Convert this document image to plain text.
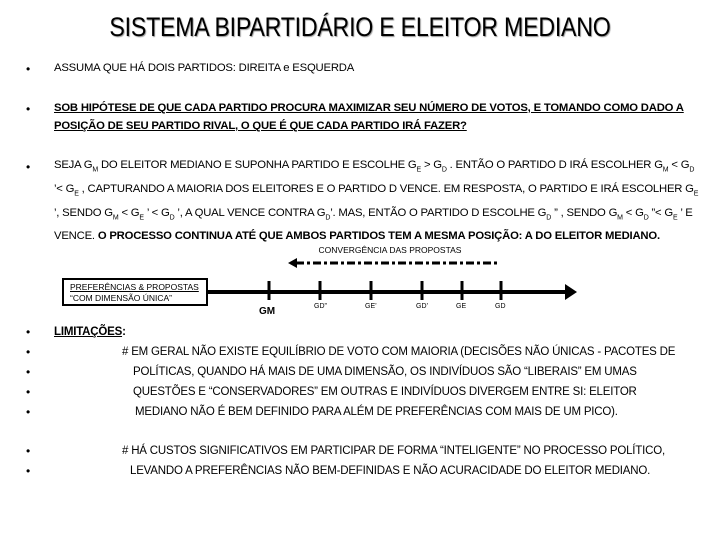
SISTEMA BIPARTIDÁRIO E ELEITOR MEDIANO
• ASSUMA QUE HÁ DOIS PARTIDOS: DIREITA e ESQUERDA
• SOB HIPÓTESE DE QUE CADA PARTIDO PROCURA MAXIMIZAR SEU NÚMERO DE VOTOS, E TOMANDO COMO DADO A POSIÇÃO DE SEU PARTIDO RIVAL, O QUE É QUE CADA PARTIDO IRÁ FAZER?
• SEJA $G_M$ DO ELEITOR MEDIANO E SUPONHA PARTIDO E ESCOLHE $G_E > G_D$ . ENTÃO O PARTIDO D IRÁ ESCOLHER $G_M < G_D$ ’< $G_E$ , CAPTURANDO A MAIORIA DOS ELEITORES E O PARTIDO D VENCE. EM RESPOSTA, O PARTIDO E IRÁ ESCOLHER $G_E$ ’, SENDO $G_M < G_E$ ’ < $G_D$ ’, A QUAL VENCE CONTRA $G_D$’. MAS, ENTÃO O PARTIDO D ESCOLHE $G_D$ ” , SENDO $G_M < G_D$ ”< $G_E$ ’ E VENCE. O PROCESSO CONTINUA ATÉ QUE AMBOS PARTIDOS TEM A MESMA POSIÇÃO: A DO ELEITOR MEDIANO.
CONVERGÊNCIA DAS PROPOSTAS
PREFERÊNCIAS & PROPOSTAS
“COM DIMENSÃO ÚNICA”
GM	GD”	GE’	GD’	GE	GD
LIMITAÇÕES:
•
•
•
•
•
•
•
# EM GERAL NÃO EXISTE EQUILÍBRIO DE VOTO COM MAIORIA (DECISÕES NÃO ÚNICAS - PACOTES DE
POLÍTICAS, QUANDO HÁ MAIS DE UMA DIMENSÃO, OS INDIVÍDUOS SÃO “LIBERAIS” EM UMAS
QUESTÕES E “CONSERVADORES” EM OUTRAS E INDIVÍDUOS DIVERGEM ENTRE SI: ELEITOR
MEDIANO NÃO É BEM DEFINIDO PARA ALÉM DE PREFERÊNCIAS COM MAIS DE UM PICO).
# HÁ CUSTOS SIGNIFICATIVOS EM PARTICIPAR DE FORMA “INTELIGENTE” NO PROCESSO POLÍTICO,
LEVANDO A PREFERÊNCIAS NÃO BEM-DEFINIDAS E NÃO ACURACIDADE DO ELEITOR MEDIANO.
